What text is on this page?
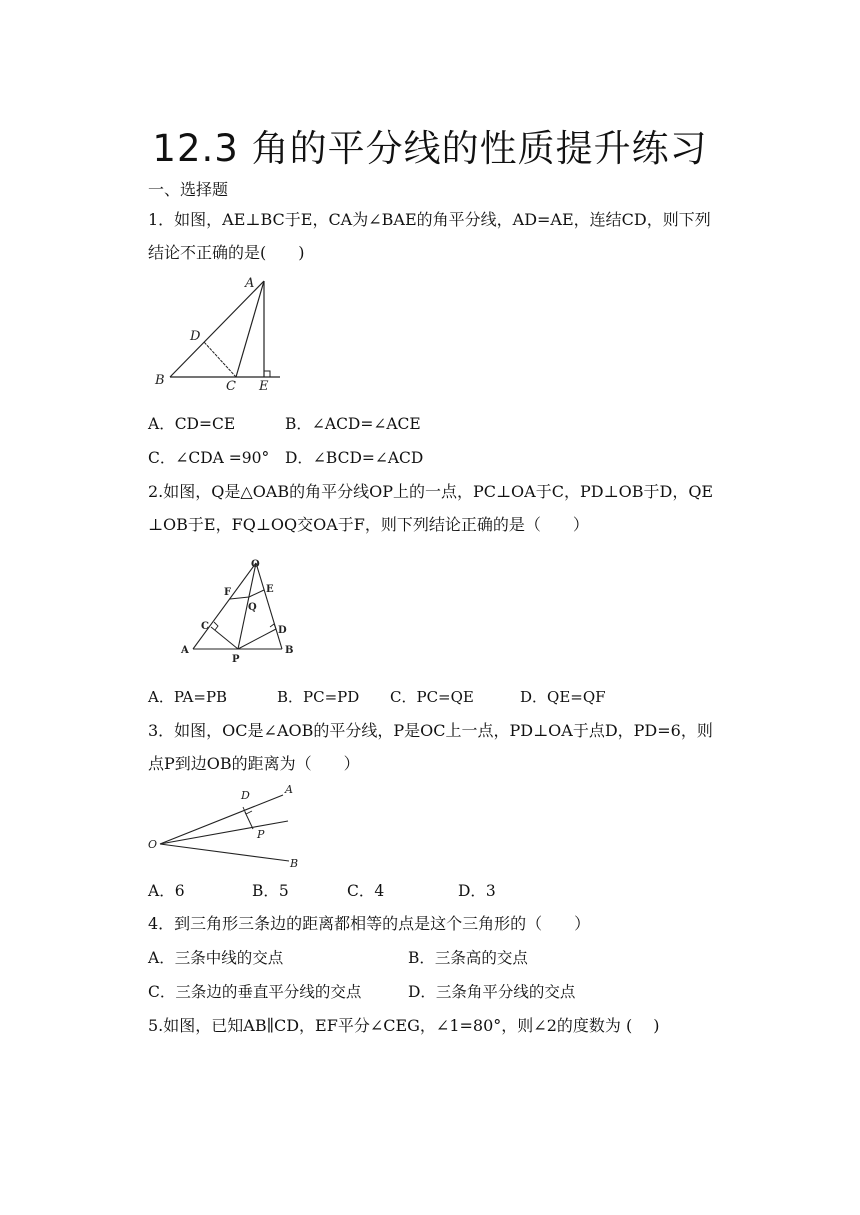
12.3 角的平分线的性质提升练习
一、选择题
1．如图，AE⊥BC于E，CA为∠BAE的角平分线，AD=AE，连结CD，则下列
结论不正确的是(　　)
A
D
B	C E
A．CD=CE	B．∠ACD=∠ACE
C．∠CDA =90° D．∠BCD=∠ACD
2.如图，Q是△OAB的角平分线OP上的一点，PC⊥OA于C，PD⊥OB于D，QE
⊥OB于E，FQ⊥OQ交OA于F，则下列结论正确的是（　　）
O
F	E
Q
C	D
A
P
B
A．PA=PB	B．PC=PD C．PC=QE	D．QE=QF
3．如图，OC是∠AOB的平分线，P是OC上一点，PD⊥OA于点D，PD=6，则
点P到边OB的距离为（　　）
D	A
P
O
B
A．6	B．5	C．4	D．3
4．到三角形三条边的距离都相等的点是这个三角形的（　　）
A．三条中线的交点	B．三条高的交点
C．三条边的垂直平分线的交点	D．三条角平分线的交点
5.如图，已知AB∥CD，EF平分∠CEG，∠1=80°，则∠2的度数为 (　 )
